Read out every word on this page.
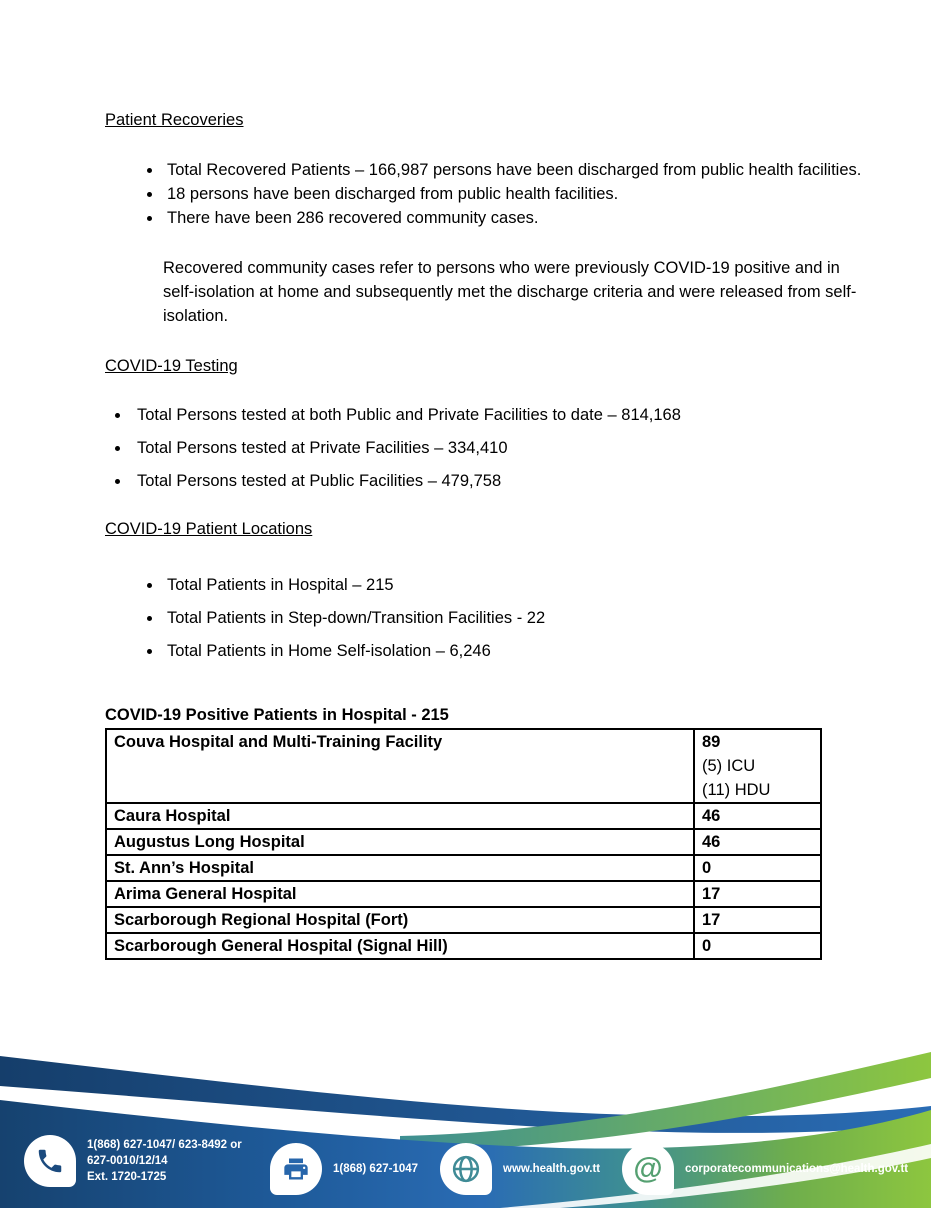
Patient Recoveries
• Total Recovered Patients – 166,987 persons have been discharged from public health facilities.
• 18 persons have been discharged from public health facilities.
• There have been 286 recovered community cases.
Recovered community cases refer to persons who were previously COVID-19 positive and in self-isolation at home and subsequently met the discharge criteria and were released from self-isolation.
COVID-19 Testing
• Total Persons tested at both Public and Private Facilities to date – 814,168
• Total Persons tested at Private Facilities – 334,410
• Total Persons tested at Public Facilities – 479,758
COVID-19 Patient Locations
• Total Patients in Hospital – 215
• Total Patients in Step-down/Transition Facilities - 22
• Total Patients in Home Self-isolation – 6,246
COVID-19 Positive Patients in Hospital - 215
Couva Hospital and Multi-Training Facility	89
(5) ICU
(11) HDU

Caura Hospital	46
Augustus Long Hospital	46
St. Ann’s Hospital	0
Arima General Hospital	17
Scarborough Regional Hospital (Fort)	17
Scarborough General Hospital (Signal Hill)	0
1(868) 627-1047/ 623-8492 or
627-0010/12/14
Ext. 1720-1725
1(868) 627-1047	www.health.gov.tt @ corporatecommunications@health.gov.tt
